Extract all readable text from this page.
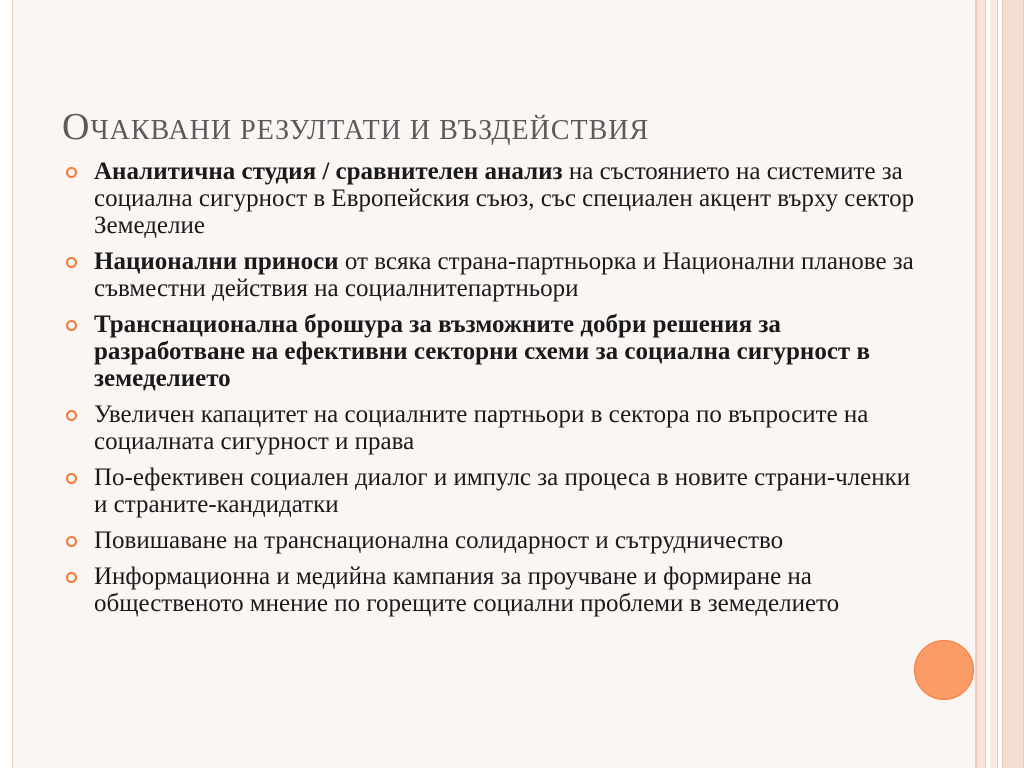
ОЧАКВАНИ РЕЗУЛТАТИ И ВЪЗДЕЙСТВИЯ
Аналитична студия / сравнителен анализ на състоянието на системите за социална сигурност в Европейския съюз, със специален акцент върху сектор Земеделие
Национални приноси от всяка страна-партньорка и Национални планове за съвместни действия на социалнитепартньори
Транснационална брошура за възможните добри решения за разработване на ефективни секторни схеми за социална сигурност в земеделието
Увеличен капацитет на социалните партньори в сектора по въпросите на социалната сигурност и права
По-ефективен социален диалог и импулс за процеса в новите страни-членки и страните-кандидатки
Повишаване на транснационална солидарност и сътрудничество
Информационна и медийна кампания за проучване и формиране на общественото мнение по горещите социални проблеми в земеделието
